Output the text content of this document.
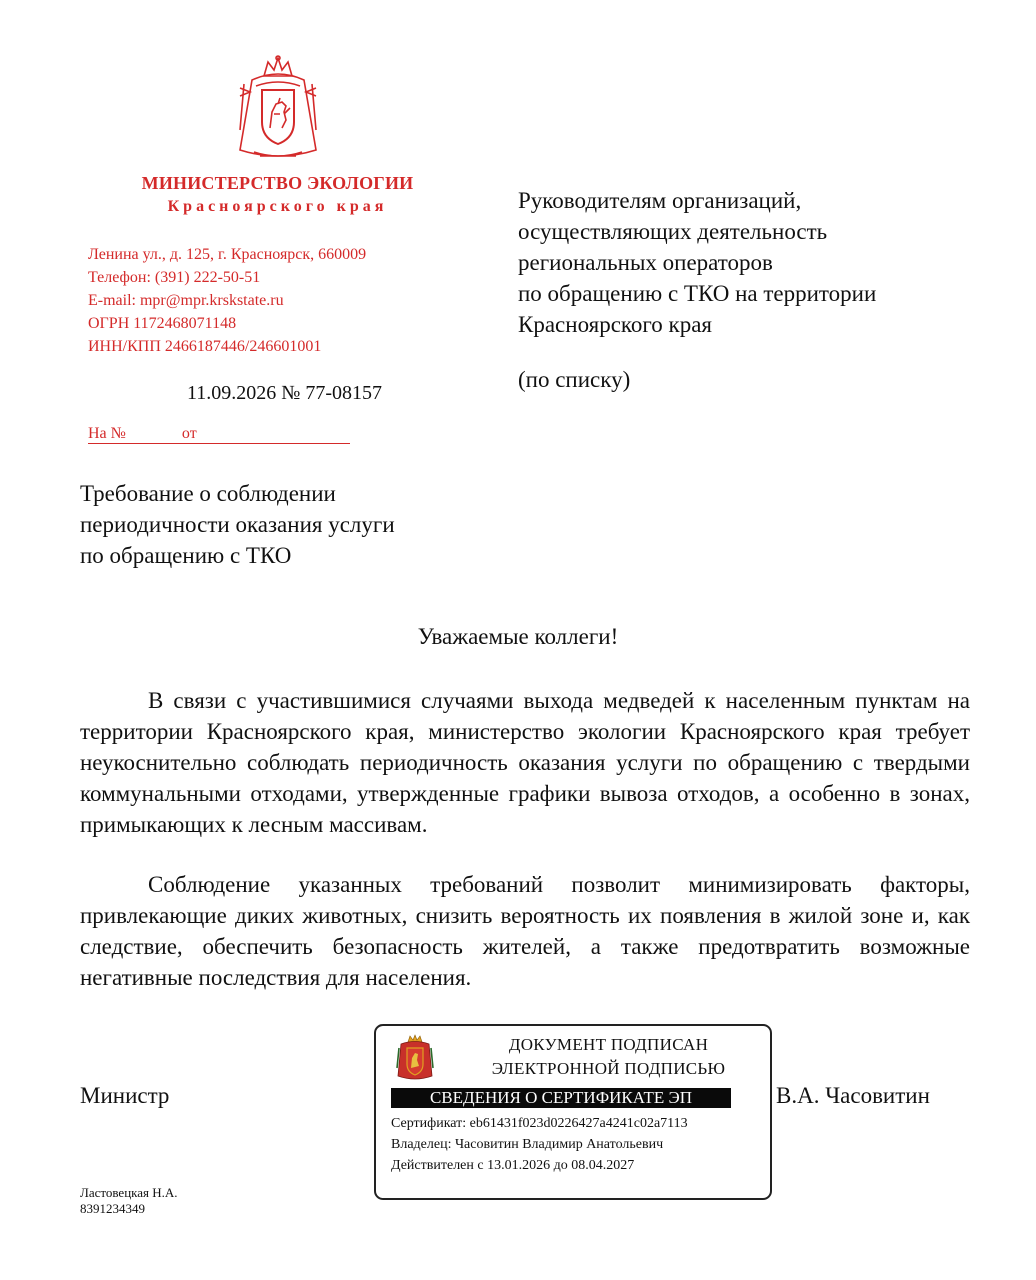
МИНИСТЕРСТВО ЭКОЛОГИИ
Красноярского края
Ленина ул., д. 125, г. Красноярск, 660009
Телефон: (391) 222-50-51
E-mail: mpr@mpr.krskstate.ru
ОГРН 1172468071148
ИНН/КПП 2466187446/246601001
11.09.2026 № 77-08157
На №              от
Руководителям организаций,
осуществляющих деятельность
региональных операторов
по обращению с ТКО на территории
Красноярского края
(по списку)
Требование о соблюдении
периодичности оказания услуги
по обращению с ТКО
Уважаемые коллеги!

В связи с участившимися случаями выхода медведей к населенным пунктам на территории Красноярского края, министерство экологии Красноярского края требует неукоснительно соблюдать периодичность оказания услуги по обращению с твердыми коммунальными отходами, утвержденные графики вывоза отходов, а особенно в зонах, примыкающих к лесным массивам.

Соблюдение указанных требований позволит минимизировать факторы, привлекающие диких животных, снизить вероятность их появления в жилой зоне и, как следствие, обеспечить безопасность жителей, а также предотвратить возможные негативные последствия для населения.

Министр	В.А. Часовитин
ДОКУМЕНТ ПОДПИСАН
ЭЛЕКТРОННОЙ ПОДПИСЬЮ
СВЕДЕНИЯ О СЕРТИФИКАТЕ ЭП
Сертификат: eb61431f023d0226427a4241c02a7113
Владелец: Часовитин Владимир Анатольевич
Действителен с 13.01.2026 до 08.04.2027
Ластовецкая Н.А.
8391234349
